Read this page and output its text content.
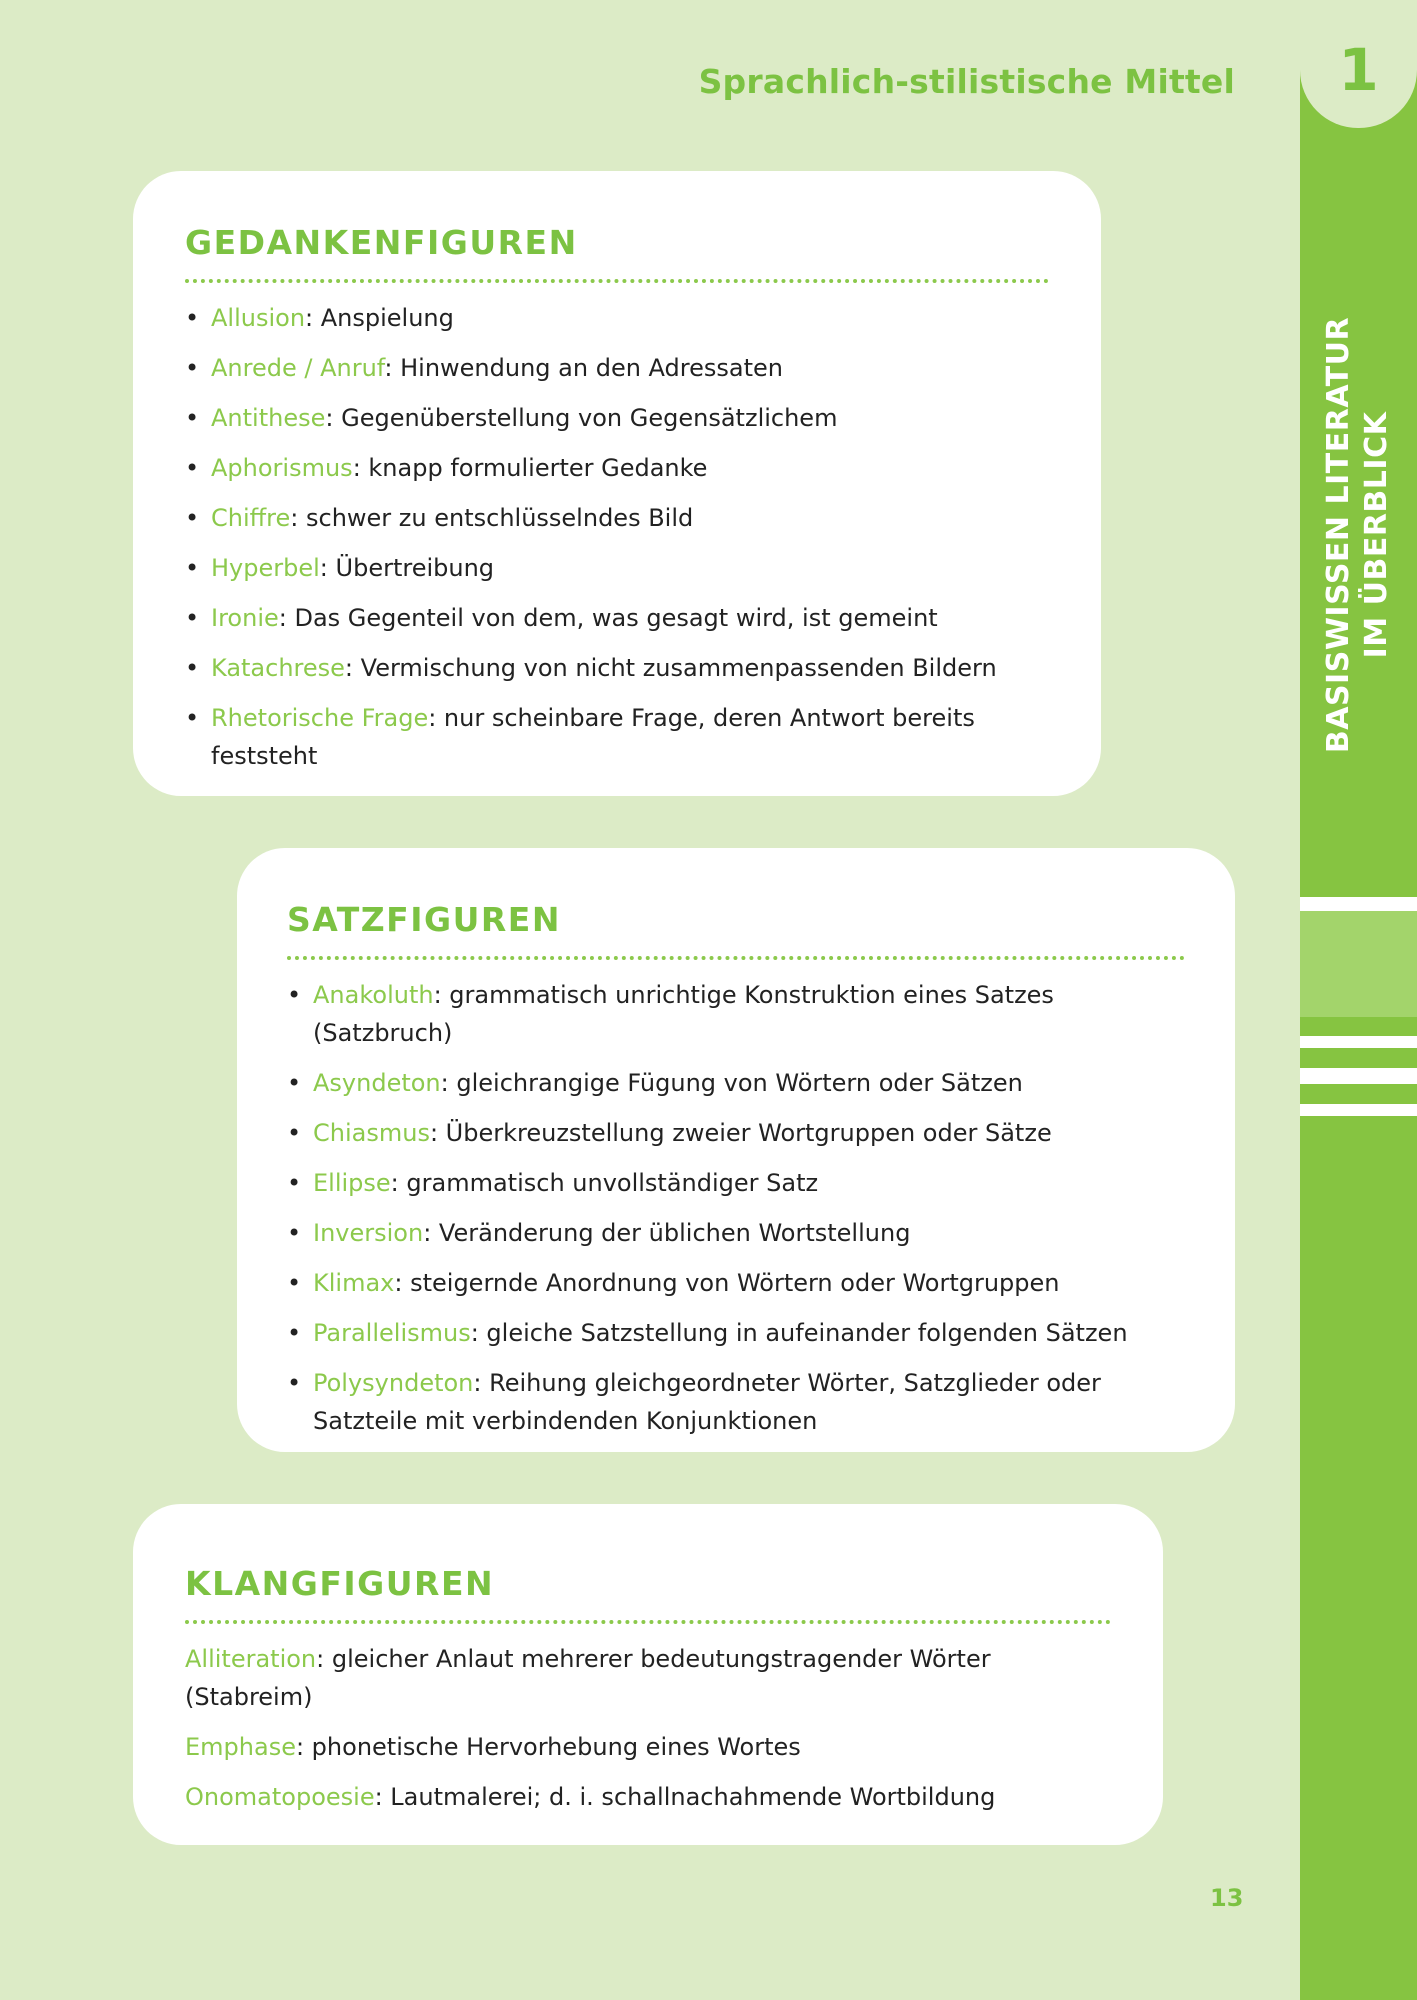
Sprachlich-stilistische Mittel	1
BASISWISSEN LITERATUR IM ÜBERBLICK
GEDANKENFIGUREN
• Allusion: Anspielung
• Anrede / Anruf: Hinwendung an den Adressaten
• Antithese: Gegenüberstellung von Gegensätzlichem
• Aphorismus: knapp formulierter Gedanke
• Chiffre: schwer zu entschlüsselndes Bild
• Hyperbel: Übertreibung
• Ironie: Das Gegenteil von dem, was gesagt wird, ist gemeint
• Katachrese: Vermischung von nicht zusammenpassenden Bildern
• Rhetorische Frage: nur scheinbare Frage, deren Antwort bereits feststeht
SATZFIGUREN
• Anakoluth: grammatisch unrichtige Konstruktion eines Satzes (Satzbruch)
• Asyndeton: gleichrangige Fügung von Wörtern oder Sätzen
• Chiasmus: Überkreuzstellung zweier Wortgruppen oder Sätze
• Ellipse: grammatisch unvollständiger Satz
• Inversion: Veränderung der üblichen Wortstellung
• Klimax: steigernde Anordnung von Wörtern oder Wortgruppen
• Parallelismus: gleiche Satzstellung in aufeinander folgenden Sätzen
• Polysyndeton: Reihung gleichgeordneter Wörter, Satzglieder oder Satzteile mit verbindenden Konjunktionen
KLANGFIGUREN
Alliteration: gleicher Anlaut mehrerer bedeutungstragender Wörter (Stabreim)
Emphase: phonetische Hervorhebung eines Wortes
Onomatopoesie: Lautmalerei; d. i. schallnachahmende Wortbildung
13
